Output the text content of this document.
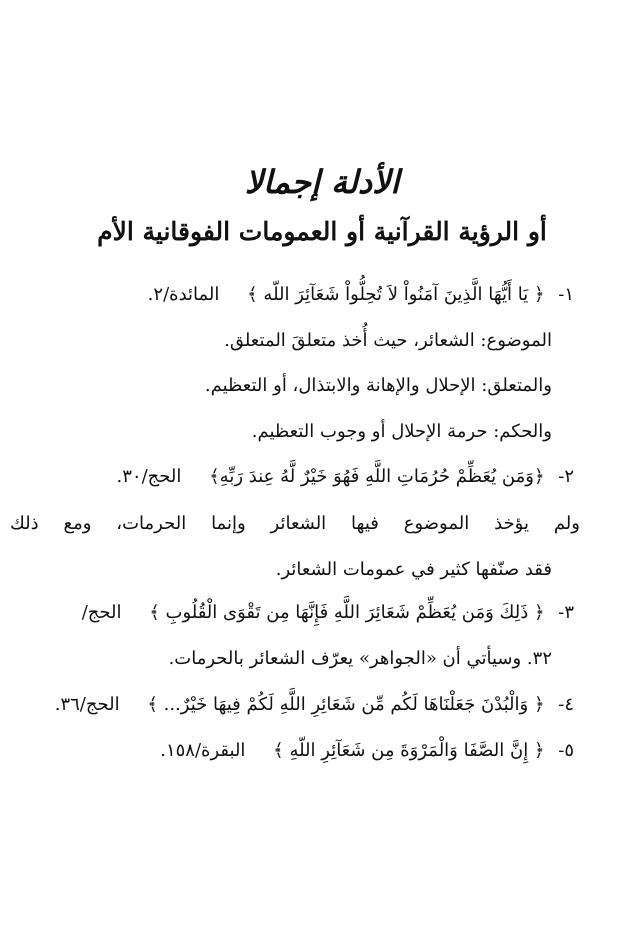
الأدلة إجمالا
أو الرؤية القرآنية أو العمومات الفوقانية الأم
١- ﴿ يَا أَيُّهَا الَّذِينَ آمَنُواْ لاَ تُحِلُّواْ شَعَآئِرَ اللّه ﴾ المائدة/٢.
الموضوع: الشعائر، حيث أُخذ متعلقَ المتعلق.
والمتعلق: الإحلال والإهانة والابتذال، أو التعظيم.
والحكم: حرمة الإحلال أو وجوب التعظيم.
٢- ﴿وَمَن يُعَظِّمْ حُرُمَاتِ اللَّهِ فَهُوَ خَيْرٌ لَّهُ عِندَ رَبِّهِ﴾ الحج/٣٠.
ولم يؤخذ الموضوع فيها الشعائر وإنما الحرمات، ومع ذلك
فقد صنّفها كثير في عمومات الشعائر.
٣- ﴿ ذَلِكَ وَمَن يُعَظِّمْ شَعَائِرَ اللَّهِ فَإِنَّهَا مِن تَقْوَى الْقُلُوبِ ﴾ الحج/
٣٢. وسيأتي أن «الجواهر» يعرّف الشعائر بالحرمات.
٤- ﴿ وَالْبُدْنَ جَعَلْنَاهَا لَكُم مِّن شَعَائِرِ اللَّهِ لَكُمْ فِيهَا خَيْرٌ... ﴾ الحج/٣٦.
٥- ﴿ إِنَّ الصَّفَا وَالْمَرْوَةَ مِن شَعَآئِرِ اللّهِ ﴾ البقرة/١٥٨.
